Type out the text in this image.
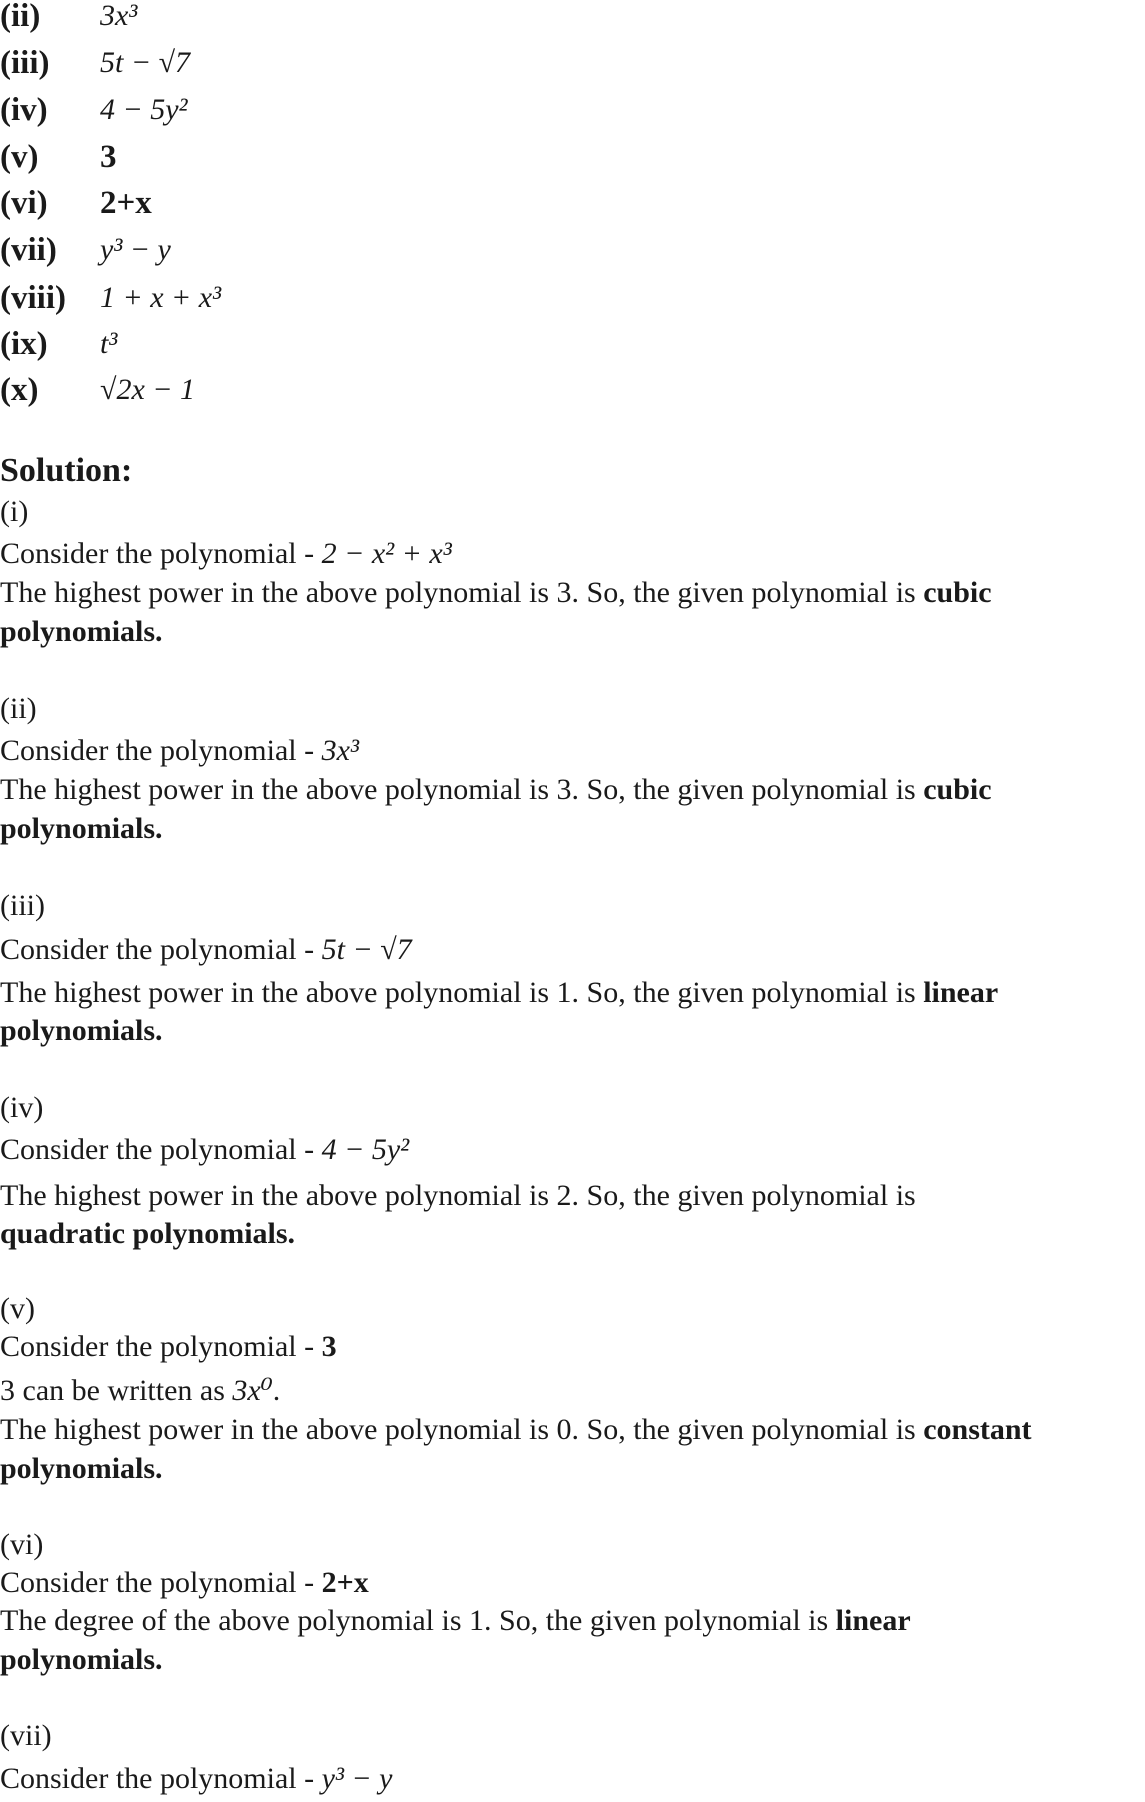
(ii) 3x³
(iii) 5t − √7
(iv) 4 − 5y²
(v) 3
(vi) 2+x
(vii) y³ − y
(viii) 1 + x + x³
(ix) t³
(x) √2x − 1
Solution:
(i)
Consider the polynomial - 2 − x² + x³
The highest power in the above polynomial is 3. So, the given polynomial is cubic
polynomials.
(ii)
Consider the polynomial - 3x³
The highest power in the above polynomial is 3. So, the given polynomial is cubic
polynomials.
(iii)
Consider the polynomial - 5t − √7
The highest power in the above polynomial is 1. So, the given polynomial is linear
polynomials.
(iv)
Consider the polynomial - 4 − 5y²
The highest power in the above polynomial is 2. So, the given polynomial is
quadratic polynomials.
(v)
Consider the polynomial - 3
3 can be written as 3x⁰.
The highest power in the above polynomial is 0. So, the given polynomial is constant
polynomials.
(vi)
Consider the polynomial - 2+x
The degree of the above polynomial is 1. So, the given polynomial is linear
polynomials.
(vii)
Consider the polynomial - y³ − y
